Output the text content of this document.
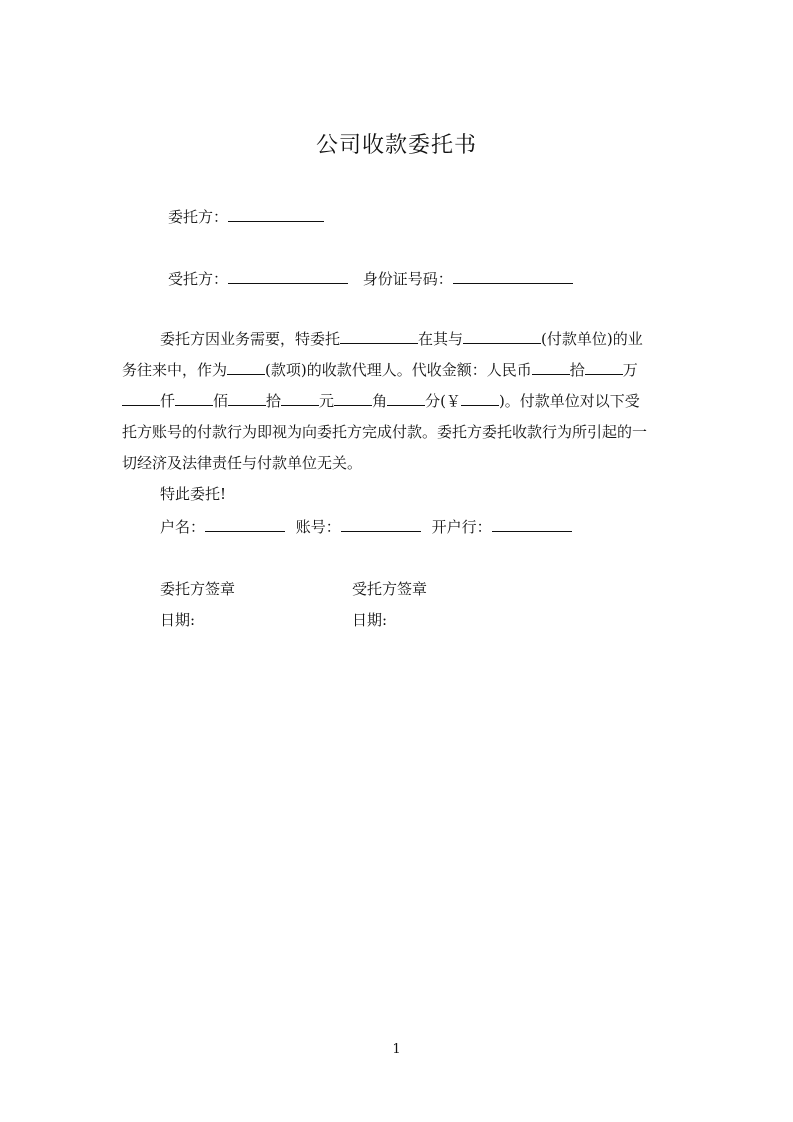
公司收款委托书
委托方：
受托方：	身份证号码：
委托方因业务需要，特委托	在其与	(付款单位)的业
务往来中，作为	(款项)的收款代理人。代收金额：人民币	拾	万
仟	佰	拾	元	角	分(￥	)。付款单位对以下受
托方账号的付款行为即视为向委托方完成付款。委托方委托收款行为所引起的一
切经济及法律责任与付款单位无关。
特此委托!
户名：	账号：	开户行：
委托方签章	受托方签章
日期:	日期:
1
